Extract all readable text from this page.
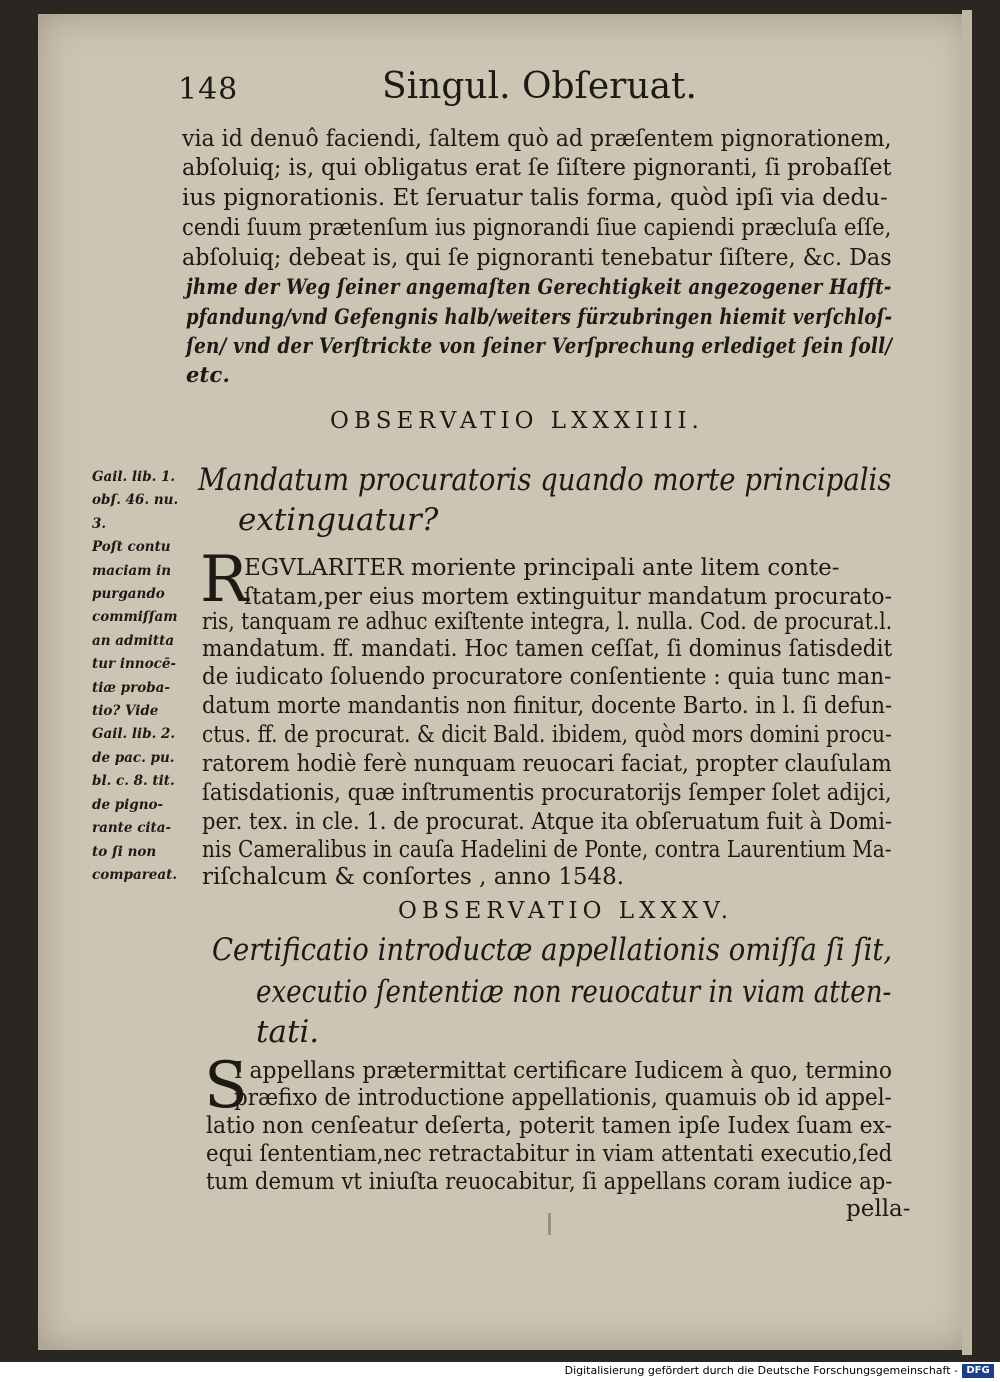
148	Singul. Obſeruat.
via id denuô faciendi, ſaltem quò ad præſentem pignorationem,
abſoluiq; is, qui obligatus erat ſe ſiſtere pignoranti, ſi probaſſet
ius pignorationis. Et ſeruatur talis forma, quòd ipſi via dedu-
cendi ſuum prætenſum ius pignorandi ſiue capiendi præcluſa eſſe,
abſoluiq; debeat is, qui ſe pignoranti tenebatur ſiſtere, &c. Das
jhme der Weg ſeiner angemaſten Gerechtigkeit angezogener Hafft-
pfandung/vnd Gefengnis halb/weiters fürzubringen hiemit verſchloſ-
ſen/ vnd der Verſtrickte von ſeiner Verſprechung erlediget ſein ſoll/
etc.
OBSERVATIO LXXXIIII.
Mandatum procuratoris quando morte principalis
extinguatur?
Gail. lib. 1.
obſ. 46. nu.
3.
Poſt contu
maciam in
purgando
commiſſam
an admitta
tur innocē-
tiæ proba-
tio? Vide
Gail. lib. 2.
de pac. pu.
bl. c. 8. tit.
de pigno-
rante cita-
to ſi non
compareat.
R
EGVLARITER moriente principali ante litem conte-
ſtatam,per eius mortem extinguitur mandatum procurato-
ris, tanquam re adhuc exiſtente integra, l. nulla. Cod. de procurat.l.
mandatum. ff. mandati. Hoc tamen ceſſat, ſi dominus ſatisdedit
de iudicato ſoluendo procuratore conſentiente : quia tunc man-
datum morte mandantis non finitur, docente Barto. in l. ſi defun-
ctus. ff. de procurat. & dicit Bald. ibidem, quòd mors domini procu-
ratorem hodiè ferè nunquam reuocari faciat, propter clauſulam
ſatisdationis, quæ inſtrumentis procuratorijs ſemper ſolet adijci,
per. tex. in cle. 1. de procurat. Atque ita obſeruatum fuit à Domi-
nis Cameralibus in cauſa Hadelini de Ponte, contra Laurentium Ma-
riſchalcum & conſortes , anno 1548.
OBSERVATIO LXXXV.
Certificatio introductæ appellationis omiſſa ſi ſit,
executio ſententiæ non reuocatur in viam atten-
tati.
S
I appellans prætermittat certificare Iudicem à quo, termino
præfixo de introductione appellationis, quamuis ob id appel-
latio non cenſeatur deſerta, poterit tamen ipſe Iudex ſuam ex-
equi ſententiam,nec retractabitur in viam attentati executio,ſed
tum demum vt iniuſta reuocabitur, ſi appellans coram iudice ap-
pella-
Digitalisierung gefördert durch die Deutsche Forschungsgemeinschaft - DFG
